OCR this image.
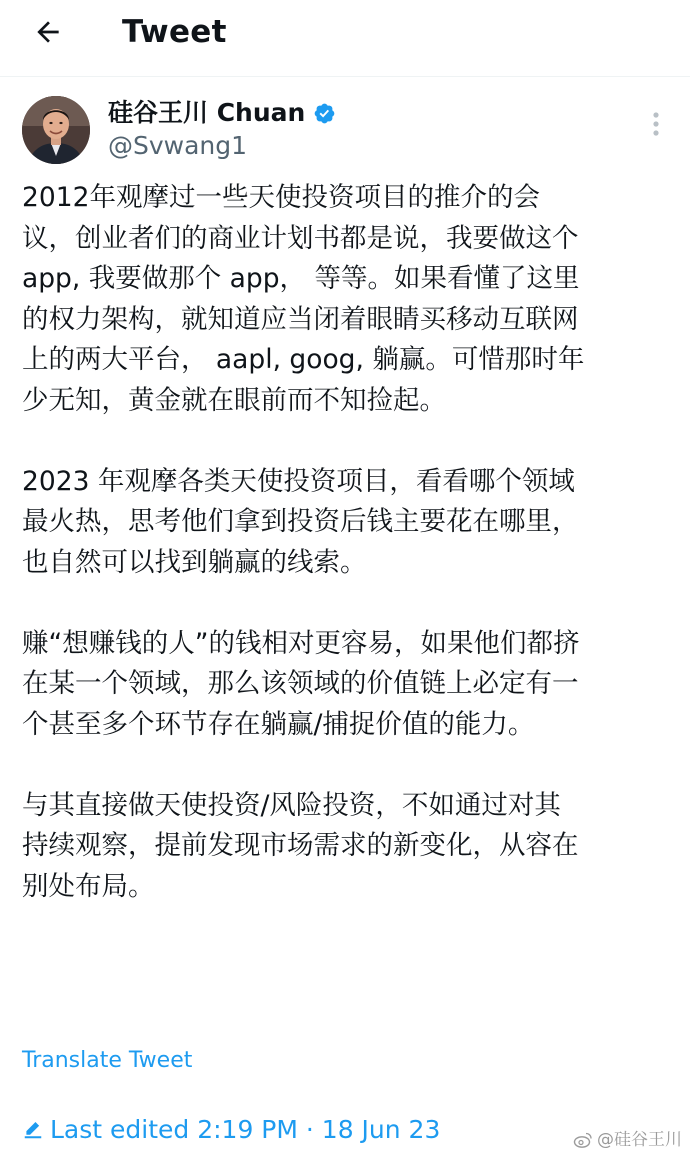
Tweet
硅谷王川 Chuan
@Svwang1

2012年观摩过一些天使投资项目的推介的会
议，创业者们的商业计划书都是说，我要做这个
app, 我要做那个 app， 等等。如果看懂了这里
的权力架构，就知道应当闭着眼睛买移动互联网
上的两大平台， aapl, goog, 躺赢。可惜那时年
少无知，黄金就在眼前而不知捡起。

2023 年观摩各类天使投资项目，看看哪个领域
最火热，思考他们拿到投资后钱主要花在哪里，
也自然可以找到躺赢的线索。

赚“想赚钱的人”的钱相对更容易，如果他们都挤
在某一个领域，那么该领域的价值链上必定有一
个甚至多个环节存在躺赢/捕捉价值的能力。

与其直接做天使投资/风险投资，不如通过对其
持续观察，提前发现市场需求的新变化，从容在
别处布局。

Translate Tweet
Last edited 2:19 PM · 18 Jun 23	@硅谷王川
